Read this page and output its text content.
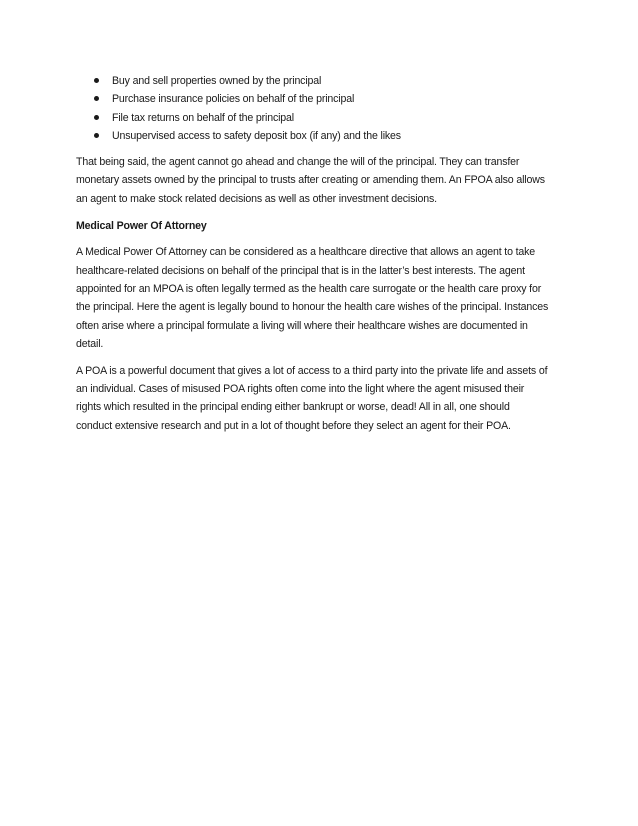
Buy and sell properties owned by the principal
Purchase insurance policies on behalf of the principal
File tax returns on behalf of the principal
Unsupervised access to safety deposit box (if any) and the likes

That being said, the agent cannot go ahead and change the will of the principal. They can transfer
monetary assets owned by the principal to trusts after creating or amending them. An FPOA also allows
an agent to make stock related decisions as well as other investment decisions.

Medical Power Of Attorney

A Medical Power Of Attorney can be considered as a healthcare directive that allows an agent to take
healthcare-related decisions on behalf of the principal that is in the latter’s best interests. The agent
appointed for an MPOA is often legally termed as the health care surrogate or the health care proxy for
the principal. Here the agent is legally bound to honour the health care wishes of the principal. Instances
often arise where a principal formulate a living will where their healthcare wishes are documented in
detail.

A POA is a powerful document that gives a lot of access to a third party into the private life and assets of
an individual. Cases of misused POA rights often come into the light where the agent misused their
rights which resulted in the principal ending either bankrupt or worse, dead! All in all, one should
conduct extensive research and put in a lot of thought before they select an agent for their POA.
